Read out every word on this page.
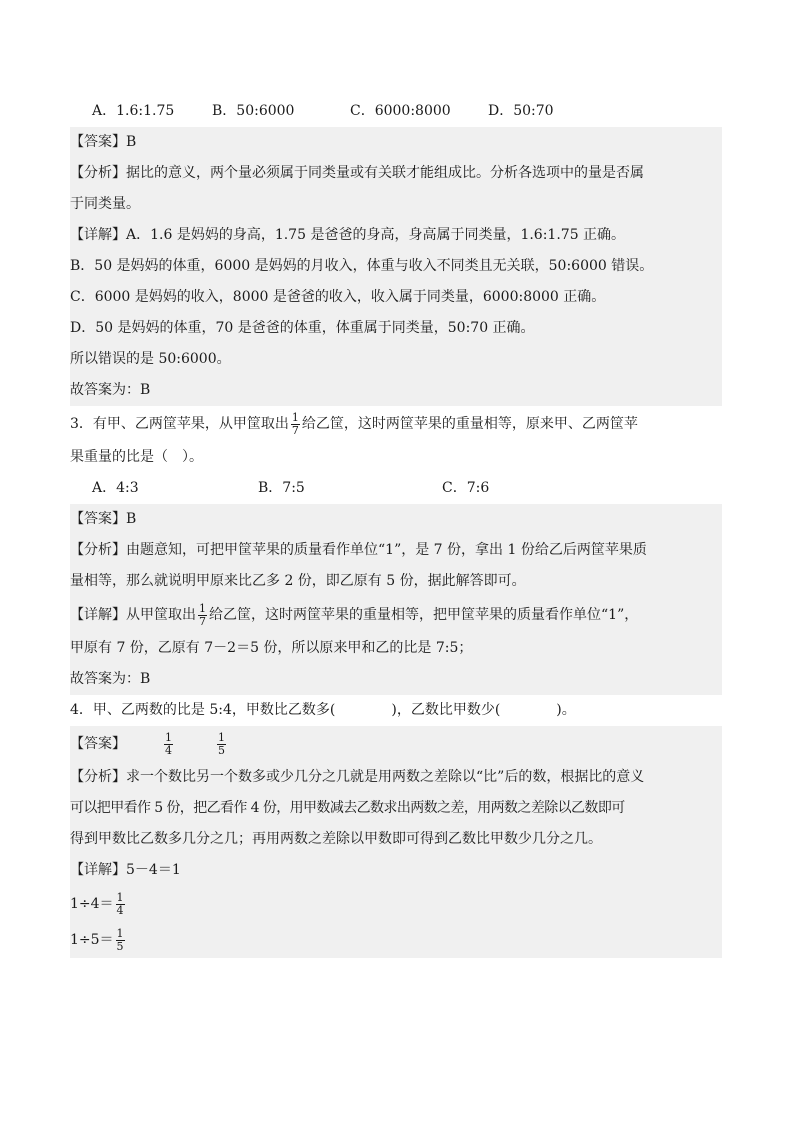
A．1.6:1.75	B．50:6000	C．6000:8000	D．50:70
【答案】B
【分析】据比的意义，两个量必须属于同类量或有关联才能组成比。分析各选项中的量是否属
于同类量。
【详解】A．1.6 是妈妈的身高，1.75 是爸爸的身高，身高属于同类量，1.6:1.75 正确。
B．50 是妈妈的体重，6000 是妈妈的月收入，体重与收入不同类且无关联，50:6000 错误。
C．6000 是妈妈的收入，8000 是爸爸的收入，收入属于同类量，6000:8000 正确。
D．50 是妈妈的体重，70 是爸爸的体重，体重属于同类量，50:70 正确。
所以错误的是 50:6000。
故答案为：B
3．有甲、乙两筐苹果，从甲筐取出 $\frac{1}{7}$ 给乙筐，这时两筐苹果的重量相等，原来甲、乙两筐苹
果重量的比是（　）。
A．4:3	B．7:5	C．7:6
【答案】B
【分析】由题意知，可把甲筐苹果的质量看作单位“1”，是 7 份，拿出 1 份给乙后两筐苹果质
量相等，那么就说明甲原来比乙多 2 份，即乙原有 5 份，据此解答即可。
【详解】从甲筐取出 $\frac{1}{7}$ 给乙筐，这时两筐苹果的重量相等，把甲筐苹果的质量看作单位“1”，
甲原有 7 份，乙原有 7－2＝5 份，所以原来甲和乙的比是 7:5；
故答案为：B
4．甲、乙两数的比是 5:4，甲数比乙数多(	)，乙数比甲数少(	)。
【答案】	$\frac{1}{4}$	$\frac{1}{5}$
【分析】求一个数比另一个数多或少几分之几就是用两数之差除以“比”后的数，根据比的意义
可以把甲看作 5 份，把乙看作 4 份，用甲数减去乙数求出两数之差，用两数之差除以乙数即可
得到甲数比乙数多几分之几；再用两数之差除以甲数即可得到乙数比甲数少几分之几。
【详解】5－4＝1
$1\div 4= \frac{1}{4}$
$1\div 5= \frac{1}{5}$
